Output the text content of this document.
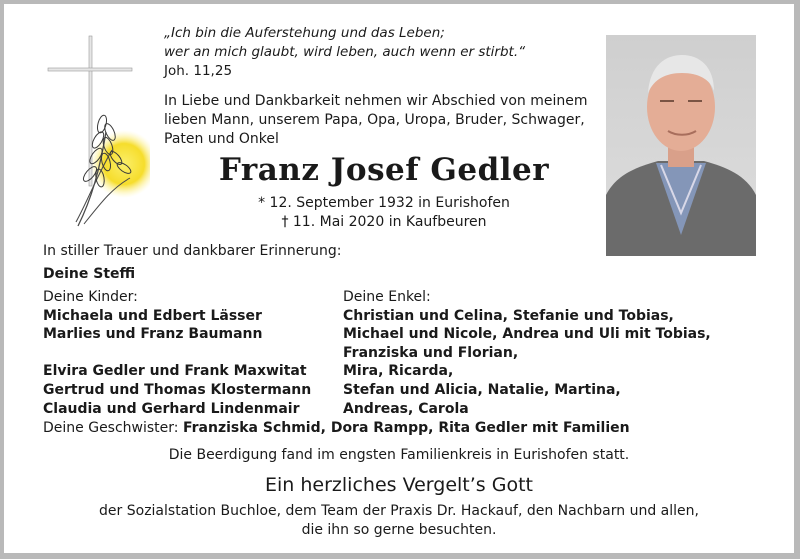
„Ich bin die Auferstehung und das Leben;
wer an mich glaubt, wird leben, auch wenn er stirbt.“
Joh. 11,25
In Liebe und Dankbarkeit nehmen wir Abschied von meinem
lieben Mann, unserem Papa, Opa, Uropa, Bruder, Schwager,
Paten und Onkel
Franz Josef Gedler
* 12. September 1932 in Eurishofen
† 11. Mai 2020 in Kaufbeuren
In stiller Trauer und dankbarer Erinnerung:
Deine Steffi
Deine Kinder:
Michaela und Edbert Lässer
Marlies und Franz Baumann
Elvira Gedler und Frank Maxwitat
Gertrud und Thomas Klostermann
Claudia und Gerhard Lindenmair
Deine Enkel:
Christian und Celina, Stefanie und Tobias,
Michael und Nicole, Andrea und Uli mit Tobias,
Franziska und Florian,
Mira, Ricarda,
Stefan und Alicia, Natalie, Martina,
Andreas, Carola
Deine Geschwister: Franziska Schmid, Dora Rampp, Rita Gedler mit Familien
Die Beerdigung fand im engsten Familienkreis in Eurishofen statt.
Ein herzliches Vergelt’s Gott
der Sozialstation Buchloe, dem Team der Praxis Dr. Hackauf, den Nachbarn und allen,
die ihn so gerne besuchten.
